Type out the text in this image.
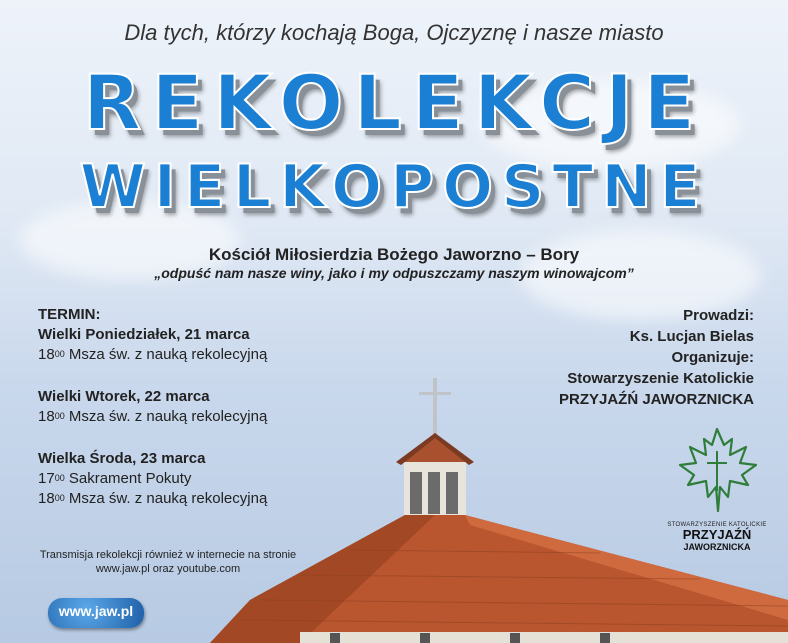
Dla tych, którzy kochają Boga, Ojczyznę i nasze miasto
REKOLEKCJE
WIELKOPOSTNE
Kościół Miłosierdzia Bożego Jaworzno – Bory
„odpuść nam nasze winy, jako i my odpuszczamy naszym winowajcom”
TERMIN:
Wielki Poniedziałek, 21 marca
$18^{00}$ Msza św. z nauką rekolecyjną
Wielki Wtorek, 22 marca
$18^{00}$ Msza św. z nauką rekolecyjną
Wielka Środa, 23 marca
$17^{00}$ Sakrament Pokuty
$18^{00}$ Msza św. z nauką rekolecyjną
Prowadzi:
Ks. Lucjan Bielas
Organizuje:
Stowarzyszenie Katolickie
PRZYJAŹŃ JAWORZNICKA
STOWARZYSZENIE KATOLICKIE
PRZYJAŹŃ
JAWORZNICKA
Transmisja rekolekcji również w internecie na stronie www.jaw.pl oraz youtube.com
www.jaw.pl
